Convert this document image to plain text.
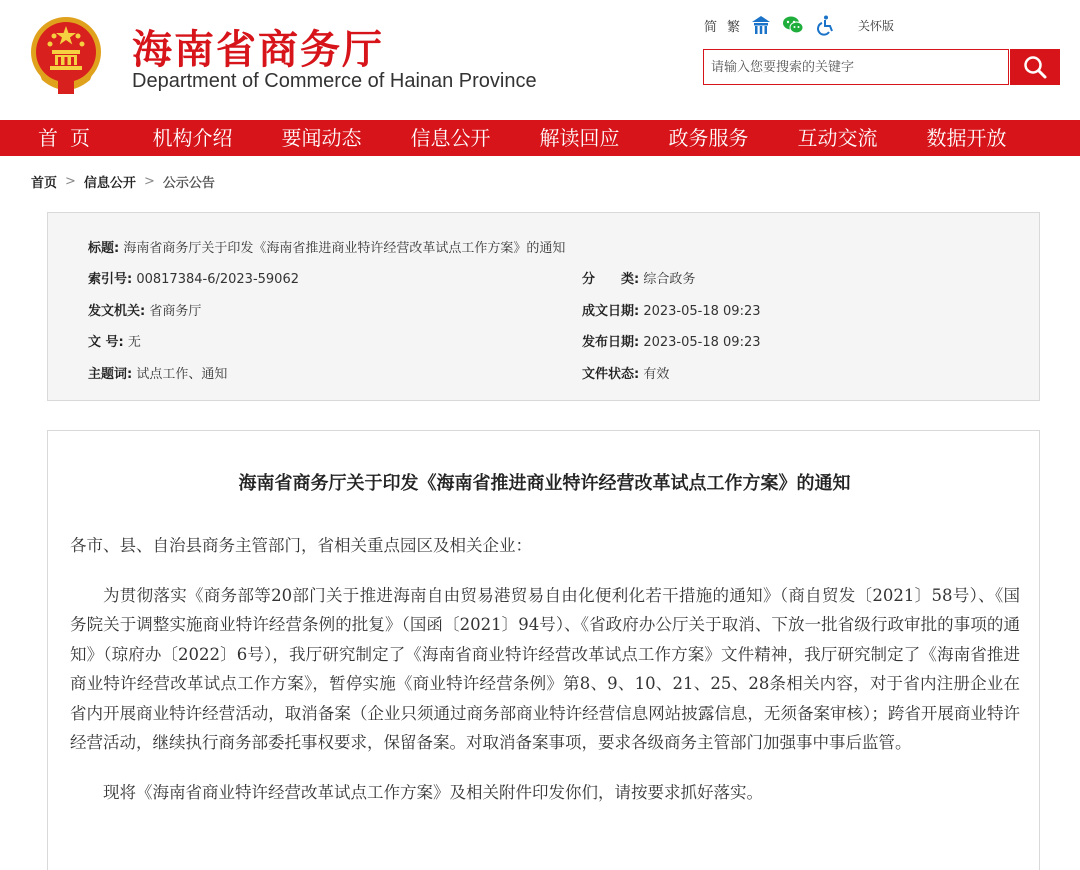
海南省商务厅
Department of Commerce of Hainan Province
简 繁	关怀版
请输入您要搜索的关键字
首页	机构介绍	要闻动态	信息公开	解读回应	政务服务	互动交流	数据开放
首页 > 信息公开 > 公示公告
标题: 海南省商务厅关于印发《海南省推进商业特许经营改革试点工作方案》的通知
索引号: 00817384-6/2023-59062	分　　类: 综合政务
发文机关: 省商务厅	成文日期: 2023-05-18 09:23
文 号: 无	发布日期: 2023-05-18 09:23
主题词: 试点工作、通知	文件状态: 有效
海南省商务厅关于印发《海南省推进商业特许经营改革试点工作方案》的通知

各市、县、自治县商务主管部门，省相关重点园区及相关企业：

为贯彻落实《商务部等20部门关于推进海南自由贸易港贸易自由化便利化若干措施的通知》（商自贸发〔2021〕58号）、《国务院关于调整实施商业特许经营条例的批复》（国函〔2021〕94号）、《省政府办公厅关于取消、下放一批省级行政审批的事项的通知》（琼府办〔2022〕6号），我厅研究制定了《海南省商业特许经营改革试点工作方案》文件精神，我厅研究制定了《海南省推进商业特许经营改革试点工作方案》，暂停实施《商业特许经营条例》第8、9、10、21、25、28条相关内容，对于省内注册企业在省内开展商业特许经营活动，取消备案（企业只须通过商务部商业特许经营信息网站披露信息，无须备案审核）；跨省开展商业特许经营活动，继续执行商务部委托事权要求，保留备案。对取消备案事项，要求各级商务主管部门加强事中事后监管。

现将《海南省商业特许经营改革试点工作方案》及相关附件印发你们，请按要求抓好落实。
